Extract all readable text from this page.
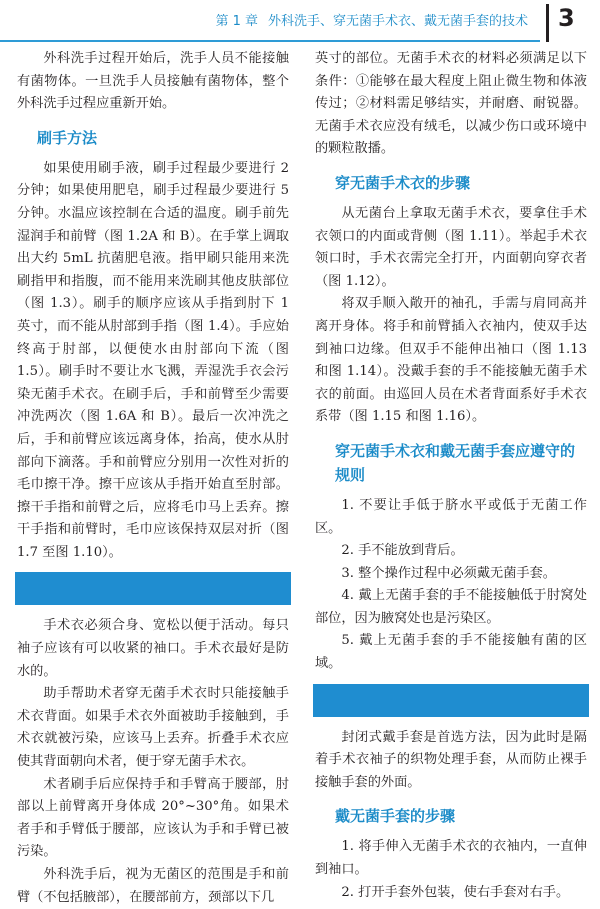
第 1 章 外科洗手、穿无菌手术衣、戴无菌手套的技术 3

外科洗手过程开始后，洗手人员不能接触有菌物体。一旦洗手人员接触有菌物体，整个外科洗手过程应重新开始。

刷手方法

如果使用刷手液，刷手过程最少要进行 2 分钟；如果使用肥皂，刷手过程最少要进行 5 分钟。水温应该控制在合适的温度。刷手前先湿润手和前臂（图 1.2A 和 B）。在手掌上调取出大约 5mL 抗菌肥皂液。指甲刷只能用来洗刷指甲和指腹，而不能用来洗刷其他皮肤部位（图 1.3）。刷手的顺序应该从手指到肘下 1 英寸，而不能从肘部到手指（图 1.4）。手应始终高于肘部，以便使水由肘部向下流（图 1.5）。刷手时不要让水飞溅，弄湿洗手衣会污染无菌手术衣。在刷手后，手和前臂至少需要冲洗两次（图 1.6A 和 B）。最后一次冲洗之后，手和前臂应该远离身体，抬高，使水从肘部向下滴落。手和前臂应分别用一次性对折的毛巾擦干净。擦干应该从手指开始直至肘部。擦干手指和前臂之后，应将毛巾马上丢弃。擦干手指和前臂时，毛巾应该保持双层对折（图 1.7 至图 1.10）。

手术衣必须合身、宽松以便于活动。每只袖子应该有可以收紧的袖口。手术衣最好是防水的。

助手帮助术者穿无菌手术衣时只能接触手术衣背面。如果手术衣外面被助手接触到，手术衣就被污染，应该马上丢弃。折叠手术衣应使其背面朝向术者，便于穿无菌手术衣。

术者刷手后应保持手和手臂高于腰部，肘部以上前臂离开身体成 20°~30°角。如果术者手和手臂低于腰部，应该认为手和手臂已被污染。

外科洗手后，视为无菌区的范围是手和前臂（不包括腋部），在腰部前方，颈部以下几

英寸的部位。无菌手术衣的材料必须满足以下条件：①能够在最大程度上阻止微生物和体液传过；②材料需足够结实，并耐磨、耐锐器。无菌手术衣应没有绒毛，以减少伤口或环境中的颗粒散播。

穿无菌手术衣的步骤

从无菌台上拿取无菌手术衣，要拿住手术衣领口的内面或背侧（图 1.11）。举起手术衣领口时，手术衣需完全打开，内面朝向穿衣者（图 1.12）。

将双手顺入敞开的袖孔，手需与肩同高并离开身体。将手和前臂插入衣袖内，使双手达到袖口边缘。但双手不能伸出袖口（图 1.13 和图 1.14）。没戴手套的手不能接触无菌手术衣的前面。由巡回人员在术者背面系好手术衣系带（图 1.15 和图 1.16）。

穿无菌手术衣和戴无菌手套应遵守的规则

1. 不要让手低于脐水平或低于无菌工作区。

2. 手不能放到背后。

3. 整个操作过程中必须戴无菌手套。

4. 戴上无菌手套的手不能接触低于肘窝处部位，因为腋窝处也是污染区。

5. 戴上无菌手套的手不能接触有菌的区域。

封闭式戴手套是首选方法，因为此时是隔着手术衣袖子的织物处理手套，从而防止裸手接触手套的外面。

戴无菌手套的步骤

1. 将手伸入无菌手术衣的衣袖内，一直伸到袖口。

2. 打开手套外包装，使右手套对右手。
